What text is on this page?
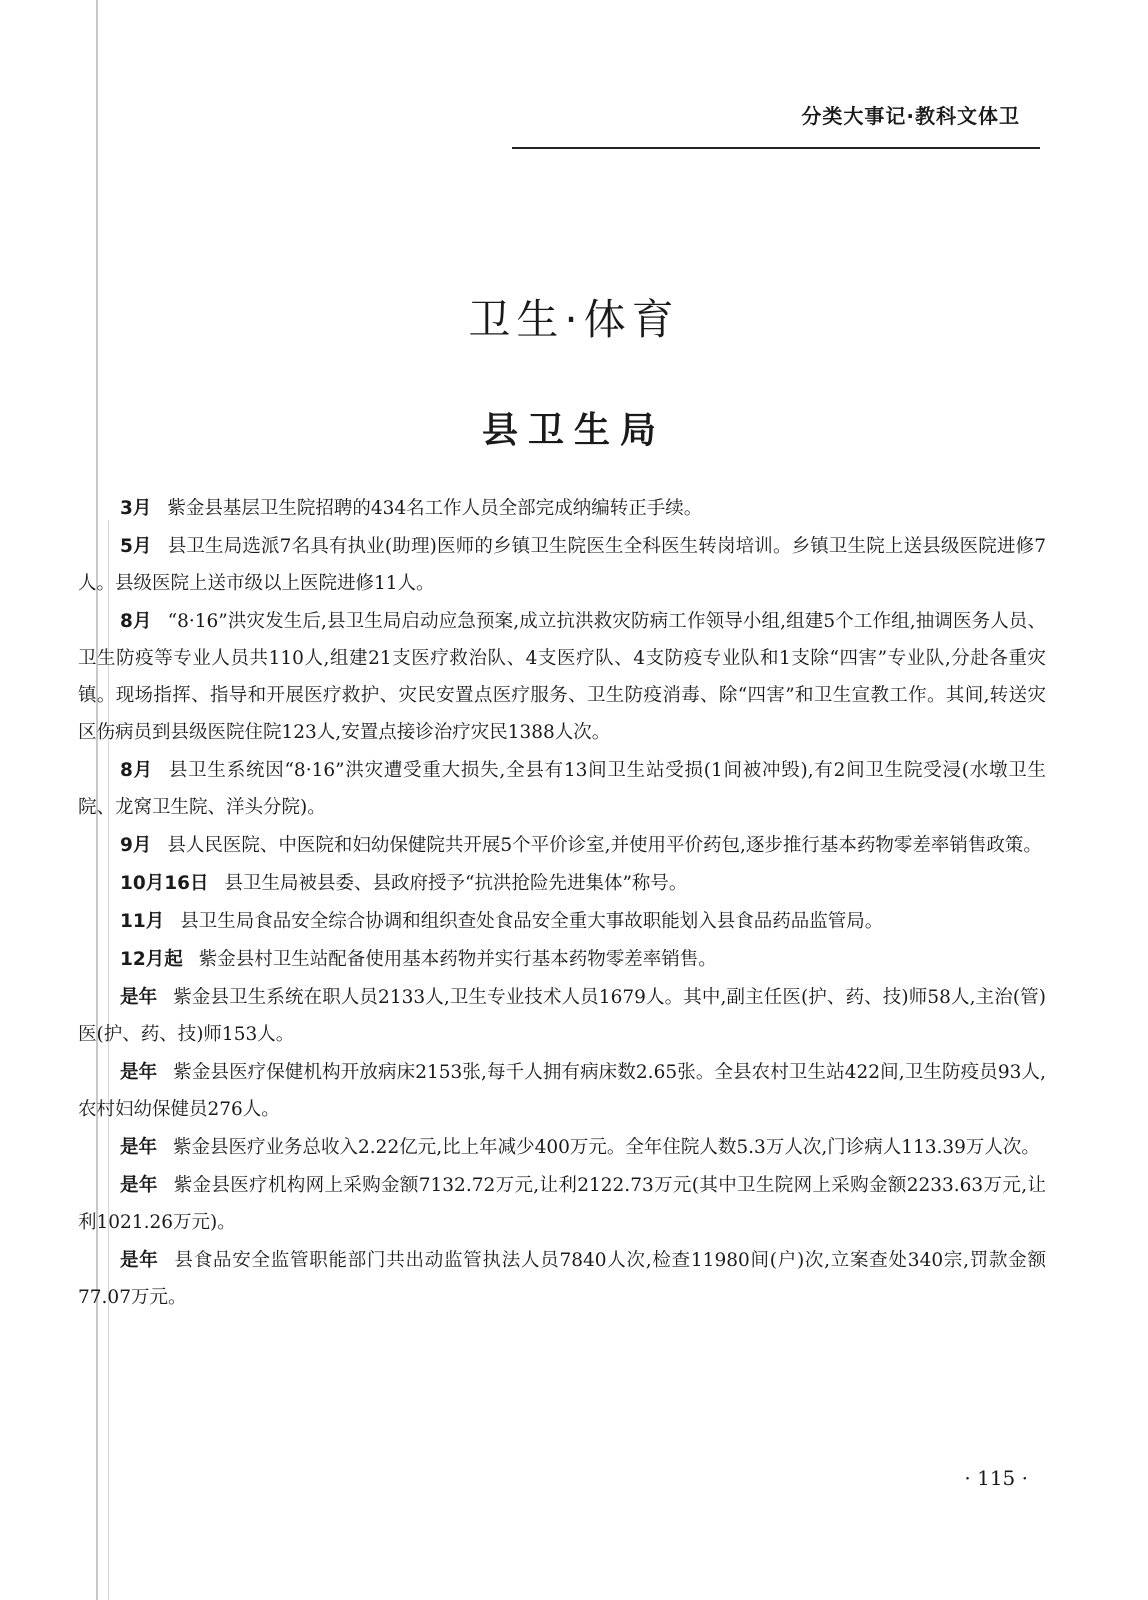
分类大事记·教科文体卫
卫生·体育
县卫生局

3月 紫金县基层卫生院招聘的434名工作人员全部完成纳编转正手续。

5月 县卫生局选派7名具有执业(助理)医师的乡镇卫生院医生全科医生转岗培训。乡镇卫生院上送县级医院进修7人。县级医院上送市级以上医院进修11人。

8月 “8·16”洪灾发生后,县卫生局启动应急预案,成立抗洪救灾防病工作领导小组,组建5个工作组,抽调医务人员、卫生防疫等专业人员共110人,组建21支医疗救治队、4支医疗队、4支防疫专业队和1支除“四害”专业队,分赴各重灾镇。现场指挥、指导和开展医疗救护、灾民安置点医疗服务、卫生防疫消毒、除“四害”和卫生宣教工作。其间,转送灾区伤病员到县级医院住院123人,安置点接诊治疗灾民1388人次。

8月 县卫生系统因“8·16”洪灾遭受重大损失,全县有13间卫生站受损(1间被冲毁),有2间卫生院受浸(水墩卫生院、龙窝卫生院、洋头分院)。

9月 县人民医院、中医院和妇幼保健院共开展5个平价诊室,并使用平价药包,逐步推行基本药物零差率销售政策。

10月16日 县卫生局被县委、县政府授予“抗洪抢险先进集体”称号。

11月 县卫生局食品安全综合协调和组织查处食品安全重大事故职能划入县食品药品监管局。

12月起 紫金县村卫生站配备使用基本药物并实行基本药物零差率销售。

是年 紫金县卫生系统在职人员2133人,卫生专业技术人员1679人。其中,副主任医(护、药、技)师58人,主治(管)医(护、药、技)师153人。

是年 紫金县医疗保健机构开放病床2153张,每千人拥有病床数2.65张。全县农村卫生站422间,卫生防疫员93人,农村妇幼保健员276人。

是年 紫金县医疗业务总收入2.22亿元,比上年减少400万元。全年住院人数5.3万人次,门诊病人113.39万人次。

是年 紫金县医疗机构网上采购金额7132.72万元,让利2122.73万元(其中卫生院网上采购金额2233.63万元,让利1021.26万元)。

是年 县食品安全监管职能部门共出动监管执法人员7840人次,检查11980间(户)次,立案查处340宗,罚款金额77.07万元。

· 115 ·
